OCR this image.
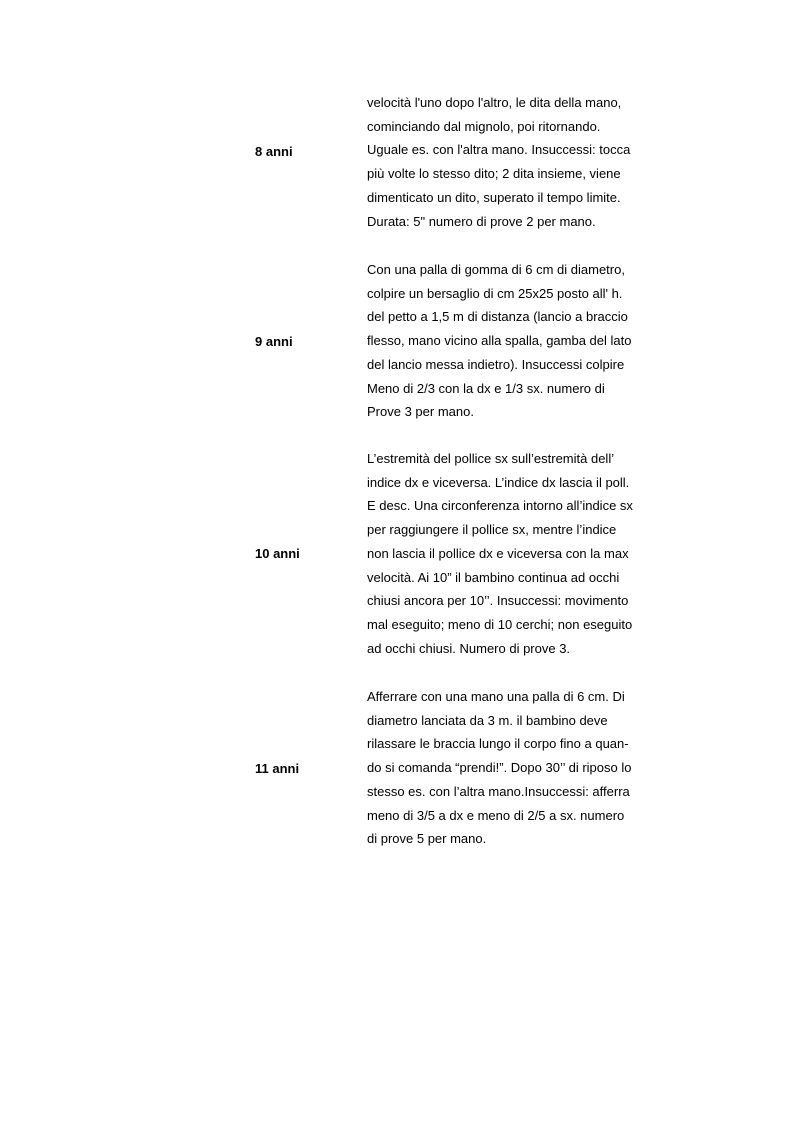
8 anni
velocità l'uno dopo l'altro, le dita della mano,
cominciando dal mignolo, poi ritornando.
Uguale es. con l'altra mano. Insuccessi: tocca
più volte lo stesso dito; 2 dita insieme, viene
dimenticato un dito, superato il tempo limite.
Durata: 5" numero di prove 2 per mano.
9 anni
Con una palla di gomma di 6 cm di diametro,
colpire un bersaglio di cm 25x25 posto all' h.
del petto a 1,5 m di distanza (lancio a braccio
flesso, mano vicino alla spalla, gamba del lato
del lancio messa indietro). Insuccessi colpire
Meno di 2/3 con la dx e 1/3 sx. numero di
Prove 3 per mano.
10 anni
L’estremità del pollice sx sull’estremità dell’
indice dx e viceversa. L’indice dx lascia il poll.
E desc. Una circonferenza intorno all’indice sx
per raggiungere il pollice sx, mentre l’indice
non lascia il pollice dx e viceversa con la max
velocità. Ai 10” il bambino continua ad occhi
chiusi ancora per 10’’. Insuccessi: movimento
mal eseguito; meno di 10 cerchi; non eseguito
ad occhi chiusi. Numero di prove 3.
11 anni
Afferrare con una mano una palla di 6 cm. Di
diametro lanciata da 3 m. il bambino deve
rilassare le braccia lungo il corpo fino a quan-
do si comanda “prendi!”. Dopo 30’’ di riposo lo
stesso es. con l’altra mano.Insuccessi: afferra
meno di 3/5 a dx e meno di 2/5 a sx. numero
di prove 5 per mano.
